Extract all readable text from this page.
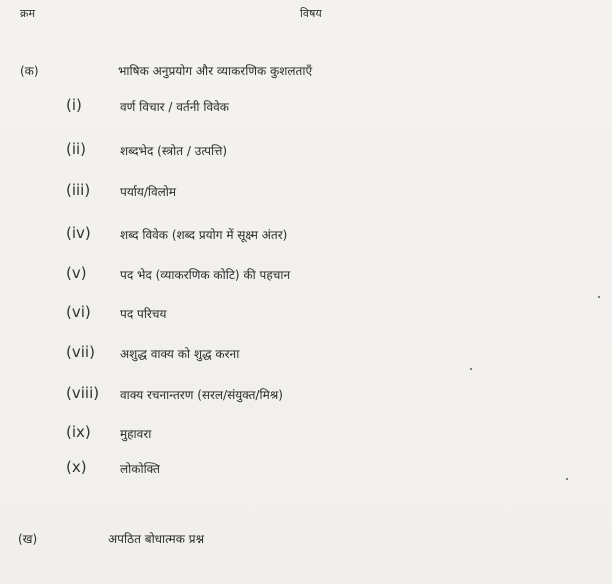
क्रम	विषय
(क)	भाषिक अनुप्रयोग और व्याकरणिक कुशलताएँ
(i)	वर्ण विचार / वर्तनी विवेक
(ii)	शब्दभेद (स्त्रोत / उत्पत्ति)
(iii) पर्याय/विलोम
(iv) शब्द विवेक (शब्द प्रयोग में सूक्ष्म अंतर)
(v)	पद भेद (व्याकरणिक कोटि) की पहचान
(vi) पद परिचय
(vii) अशुद्ध वाक्य को शुद्ध करना
(viii) वाक्य रचनान्तरण (सरल/संयुक्त/मिश्र)
(ix) मुहावरा
(x)	लोकोक्ति
(ख)	अपठित बोधात्मक प्रश्न
